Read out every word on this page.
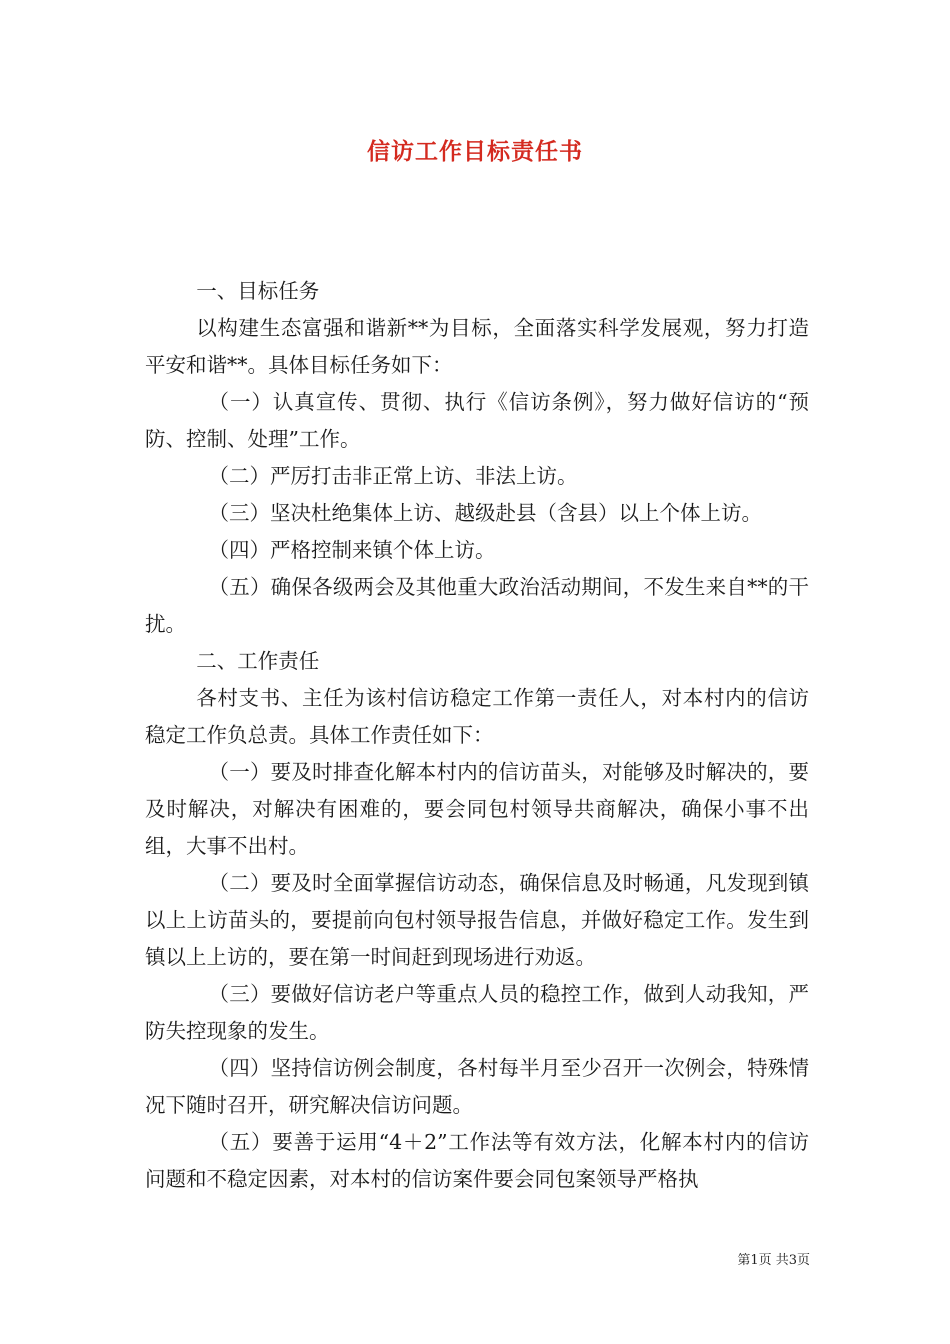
信访工作目标责任书

一、目标任务

以构建生态富强和谐新**为目标，全面落实科学发展观，努力打造平安和谐**。具体目标任务如下：

（一）认真宣传、贯彻、执行《信访条例》，努力做好信访的“预防、控制、处理”工作。

（二）严厉打击非正常上访、非法上访。

（三）坚决杜绝集体上访、越级赴县（含县）以上个体上访。

（四）严格控制来镇个体上访。

（五）确保各级两会及其他重大政治活动期间，不发生来自**的干扰。

二、工作责任

各村支书、主任为该村信访稳定工作第一责任人，对本村内的信访稳定工作负总责。具体工作责任如下：

（一）要及时排查化解本村内的信访苗头，对能够及时解决的，要及时解决，对解决有困难的，要会同包村领导共商解决，确保小事不出组，大事不出村。

（二）要及时全面掌握信访动态，确保信息及时畅通，凡发现到镇以上上访苗头的，要提前向包村领导报告信息，并做好稳定工作。发生到镇以上上访的，要在第一时间赶到现场进行劝返。

（三）要做好信访老户等重点人员的稳控工作，做到人动我知，严防失控现象的发生。

（四）坚持信访例会制度，各村每半月至少召开一次例会，特殊情况下随时召开，研究解决信访问题。

（五）要善于运用“4＋2”工作法等有效方法，化解本村内的信访问题和不稳定因素，对本村的信访案件要会同包案领导严格执

第1页 共3页
